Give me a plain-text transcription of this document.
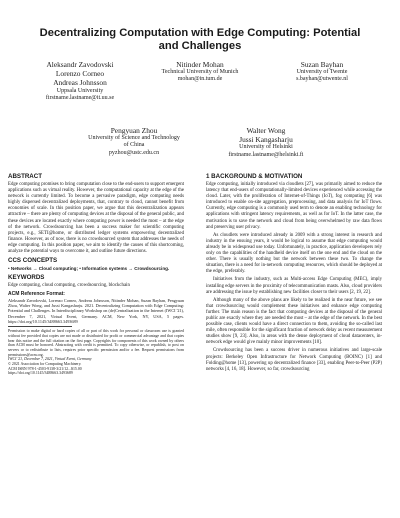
Decentralizing Computation with Edge Computing: Potential
and Challenges
Aleksandr Zavodovski
Lorenzo Corneo
Andreas Johnsson
Uppsala University
firstname.lastname@it.uu.se
Nitinder Mohan
Technical University of Munich
mohan@in.tum.de
Suzan Bayhan
University of Twente
s.bayhan@utwente.nl
Pengyuan Zhou
University of Science and Technology
of China
pyzhou@ustc.edu.cn
Walter Wong
Jussi Kangasharju
University of Helsinki
firstname.lastname@helsinki.fi
ABSTRACT
Edge computing promises to bring computation close to the end-users to support emergent applications such as virtual reality. However, the computational capacity at the edge of the network is currently limited. To become a pervasive paradigm, edge computing needs highly dispersed decentralized deployments, that, contrary to cloud, cannot benefit from economies of scale. In this position paper, we argue that this decentralization appears attractive – there are plenty of computing devices at the disposal of the general public, and these devices are located exactly where computing power is needed the most – at the edge of the network. Crowdsourcing has been a success maker for scientific computing projects, e.g., SETI@home, or distributed ledger systems empowering decentralized finance. However, as of now, there is no crowdsourced system that addresses the needs of edge computing. In this position paper, we aim to identify the causes of this shortcoming, analyze the potential ways to overcome it, and outline future directions.
CCS CONCEPTS
• Networks → Cloud computing; • Information systems → Crowdsourcing.
KEYWORDS
Edge computing, cloud computing, crowdsourcing, blockchain
ACM Reference Format:
Aleksandr Zavodovski, Lorenzo Corneo, Andreas Johnsson, Nitinder Mohan, Suzan Bayhan, Pengyuan Zhou, Walter Wong, and Jussi Kangasharju. 2021. Decentralizing Computation with Edge Computing: Potential and Challenges. In Interdisciplinary Workshop on (de)Centralization in the Internet (IWCI '21), December 7, 2021, Virtual Event, Germany. ACM, New York, NY, USA, 5 pages. https://doi.org/10.1145/3488663.3493689
Permission to make digital or hard copies of all or part of this work for personal or classroom use is granted without fee provided that copies are not made or distributed for profit or commercial advantage and that copies bear this notice and the full citation on the first page. Copyrights for components of this work owned by others than ACM must be honored. Abstracting with credit is permitted. To copy otherwise, or republish, to post on servers or to redistribute to lists, requires prior specific permission and/or a fee. Request permissions from permissions@acm.org.
IWCI '21, December 7, 2021, Virtual Event, Germany
© 2021 Association for Computing Machinery.
ACM ISBN 978-1-4503-9138-3/21/12...$15.00
https://doi.org/10.1145/3488663.3493689
1 BACKGROUND & MOTIVATION
Edge computing, initially introduced via cloudlets [27], was primarily aimed to reduce the latency that end-users of computationally-limited devices experienced while accessing the cloud. Later, with the proliferation of Internet-of-Things (IoT), fog computing [6] was introduced to enable on-site aggregation, preprocessing, and data analysis for IoT flows. Currently, edge computing is a commonly used term to denote an enabling technology for applications with stringent latency requirements, as well as for IoT. In the latter case, the motivation is to save the network and cloud from being overwhelmed by raw data flows and preserving user privacy.
As cloudlets were introduced already in 2009 with a strong interest in research and industry in the ensuing years, it would be logical to assume that edge computing would already be in widespread use today. Unfortunately, in practice, application developers rely only on the capabilities of the handheld device itself on the one end and the cloud on the other. There is usually nothing but the network between these two. To change the situation, there is a need for in-network computing resources, which should be deployed at the edge, preferably.
Initiatives from the industry, such as Multi-access Edge Computing (MEC), imply installing edge servers in the proximity of telecommunication masts. Also, cloud providers are addressing the issue by establishing new facilities closer to their users [2, 19, 22].
Although many of the above plans are likely to be realized in the near future, we see that crowdsourcing would complement these initiatives and enhance edge computing further. The main reason is the fact that computing devices at the disposal of the general public are exactly where they are needed the most – at the edge of the network. In the best possible case, clients would have a direct connection to them, avoiding the so-called last mile, often responsible for the significant fraction of network delay as recent measurement studies show [9, 23]. Also, in areas with the dense deployment of cloud datacenters, in-network edge would give mainly minor improvements [10].
Crowdsourcing has been a success driver in numerous initiatives and large-scale projects: Berkeley Open Infrastructure for Network Computing (BOINC) [1] and Folding@home [13], powering up decentralized finance [33], enabling Peer-to-Peer (P2P) networks [4, 16, 18]. However, so far, crowdsourcing
